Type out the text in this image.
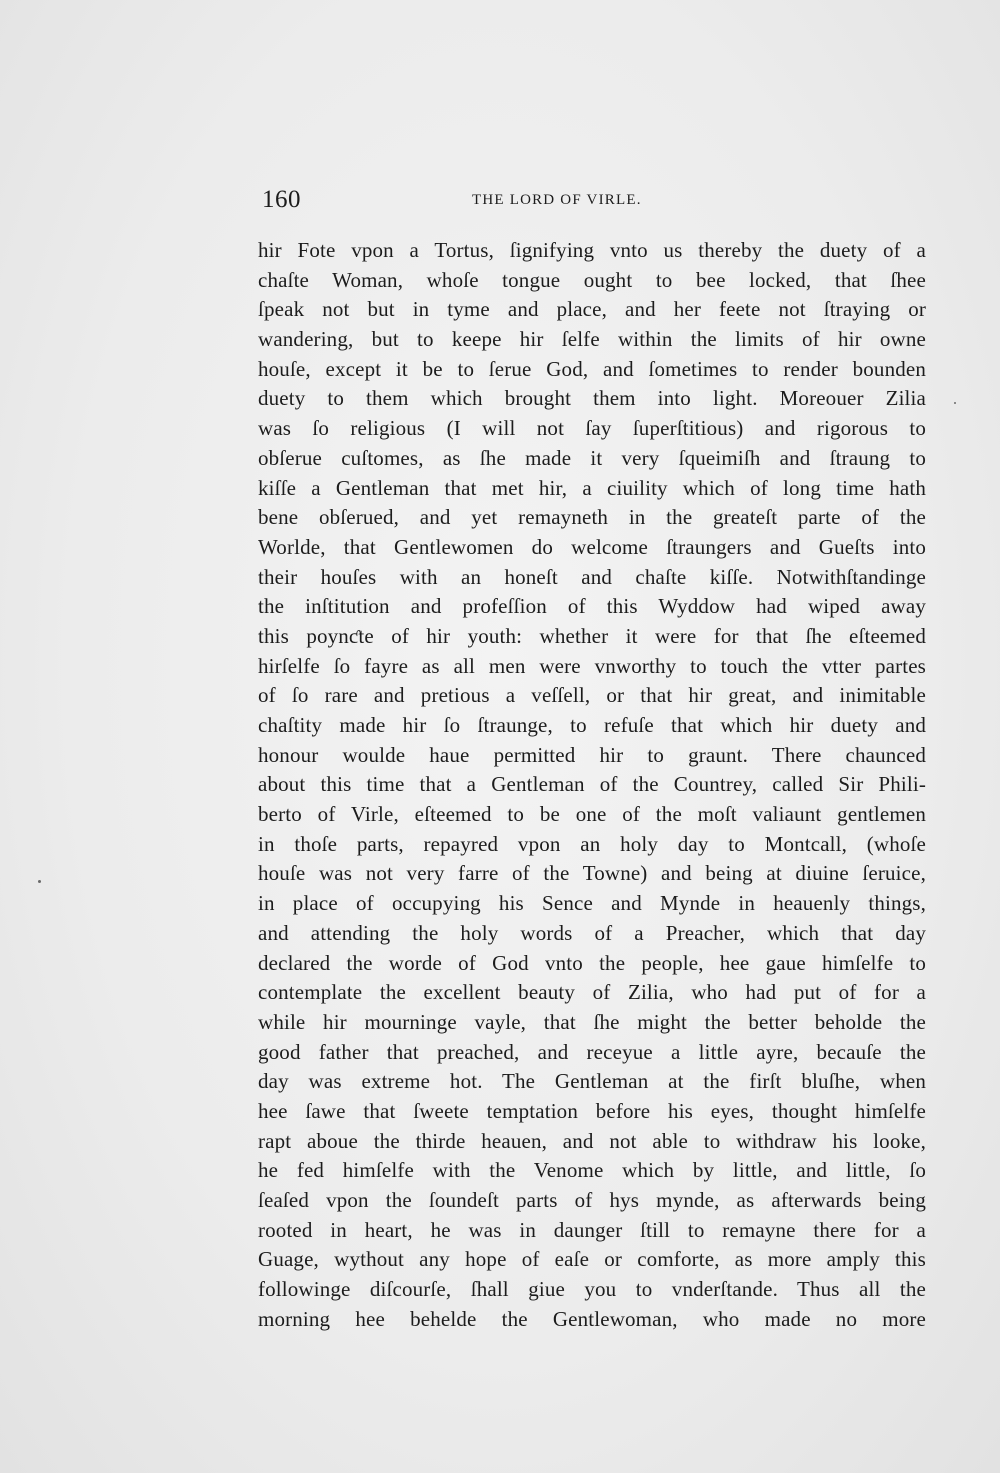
160	THE LORD OF VIRLE.
hir Fote vpon a Tortus, ſignifying vnto us thereby the duety of a
chaſte Woman, whoſe tongue ought to bee locked, that ſhee
ſpeak not but in tyme and place, and her feete not ſtraying or
wandering, but to keepe hir ſelfe within the limits of hir owne
houſe, except it be to ſerue God, and ſometimes to render bounden
duety to them which brought them into light. Moreouer Zilia
was ſo religious (I will not ſay ſuperſtitious) and rigorous to
obſerue cuſtomes, as ſhe made it very ſqueimiſh and ſtraung to
kiſſe a Gentleman that met hir, a ciuility which of long time hath
bene obſerued, and yet remayneth in the greateſt parte of the
Worlde, that Gentlewomen do welcome ſtraungers and Gueſts into
their houſes with an honeſt and chaſte kiſſe. Notwithſtandinge
the inſtitution and profeſſion of this Wyddow had wiped away
this poynƈte of hir youth: whether it were for that ſhe eſteemed
hirſelfe ſo fayre as all men were vnworthy to touch the vtter partes
of ſo rare and pretious a veſſell, or that hir great, and inimitable
chaſtity made hir ſo ſtraunge, to refuſe that which hir duety and
honour woulde haue permitted hir to graunt. There chaunced
about this time that a Gentleman of the Countrey, called Sir Phili-
berto of Virle, eſteemed to be one of the moſt valiaunt gentlemen
in thoſe parts, repayred vpon an holy day to Montcall, (whoſe
houſe was not very farre of the Towne) and being at diuine ſeruice,
in place of occupying his Sence and Mynde in heauenly things,
and attending the holy words of a Preacher, which that day
declared the worde of God vnto the people, hee gaue himſelfe to
contemplate the excellent beauty of Zilia, who had put of for a
while hir mourninge vayle, that ſhe might the better beholde the
good father that preached, and receyue a little ayre, becauſe the
day was extreme hot. The Gentleman at the firſt bluſhe, when
hee ſawe that ſweete temptation before his eyes, thought himſelfe
rapt aboue the thirde heauen, and not able to withdraw his looke,
he fed himſelfe with the Venome which by little, and little, ſo
ſeaſed vpon the ſoundeſt parts of hys mynde, as afterwards being
rooted in heart, he was in daunger ſtill to remayne there for a
Guage, wythout any hope of eaſe or comforte, as more amply this
followinge diſcourſe, ſhall giue you to vnderſtande. Thus all the
morning hee behelde the Gentlewoman, who made no more
